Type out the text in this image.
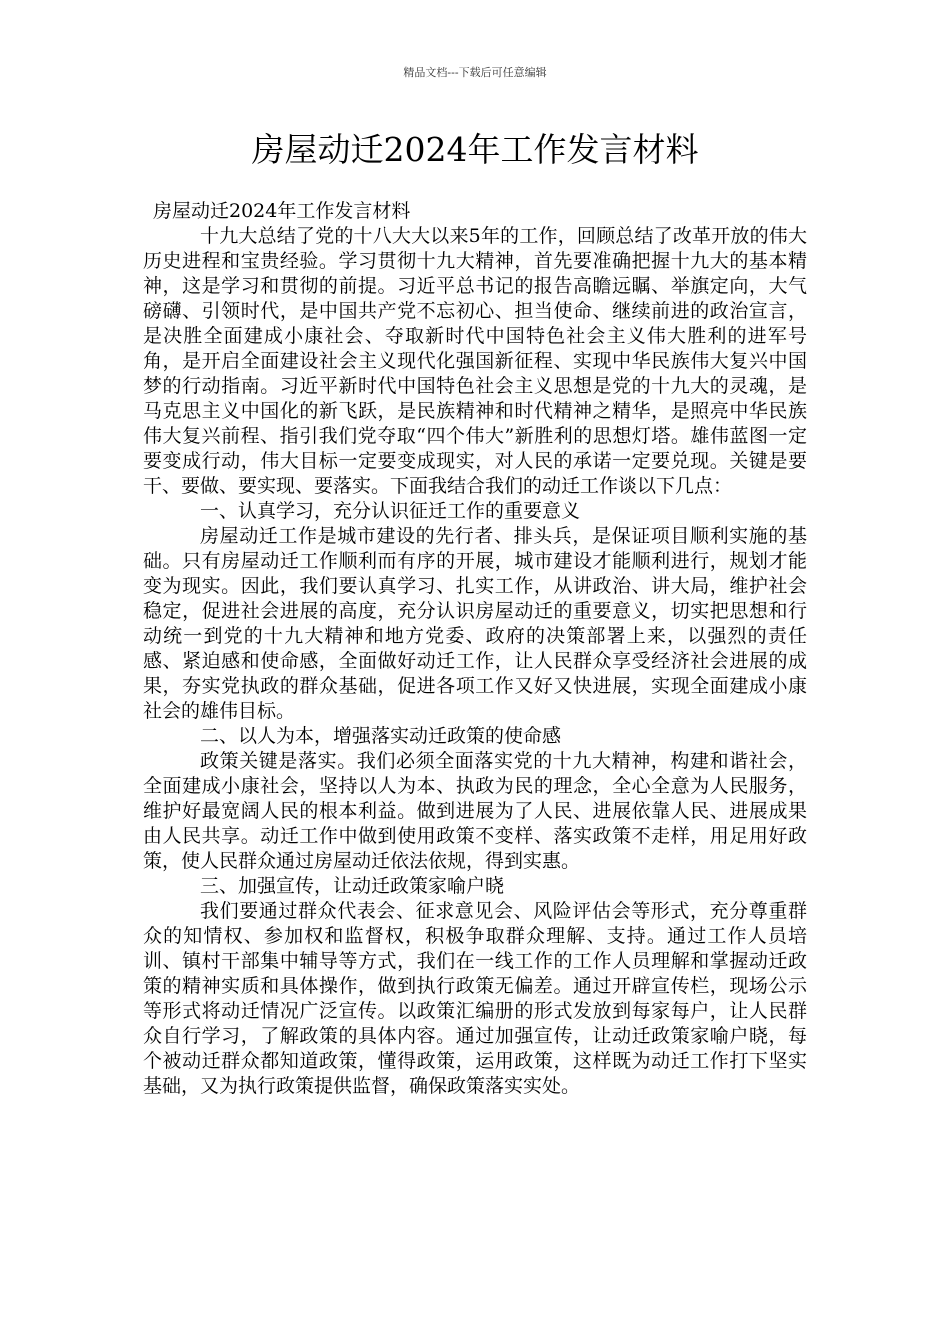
精品文档---下载后可任意编辑
房屋动迁2024年工作发言材料

房屋动迁2024年工作发言材料

十九大总结了党的十八大大以来5年的工作，回顾总结了改革开放的伟大历史进程和宝贵经验。学习贯彻十九大精神，首先要准确把握十九大的基本精神，这是学习和贯彻的前提。习近平总书记的报告高瞻远瞩、举旗定向，大气磅礴、引领时代，是中国共产党不忘初心、担当使命、继续前进的政治宣言，是决胜全面建成小康社会、夺取新时代中国特色社会主义伟大胜利的进军号角，是开启全面建设社会主义现代化强国新征程、实现中华民族伟大复兴中国梦的行动指南。习近平新时代中国特色社会主义思想是党的十九大的灵魂，是马克思主义中国化的新飞跃，是民族精神和时代精神之精华，是照亮中华民族伟大复兴前程、指引我们党夺取“四个伟大”新胜利的思想灯塔。雄伟蓝图一定要变成行动，伟大目标一定要变成现实，对人民的承诺一定要兑现。关键是要干、要做、要实现、要落实。下面我结合我们的动迁工作谈以下几点：

一、认真学习，充分认识征迁工作的重要意义

房屋动迁工作是城市建设的先行者、排头兵，是保证项目顺利实施的基础。只有房屋动迁工作顺利而有序的开展，城市建设才能顺利进行，规划才能变为现实。因此，我们要认真学习、扎实工作，从讲政治、讲大局，维护社会稳定，促进社会进展的高度，充分认识房屋动迁的重要意义，切实把思想和行动统一到党的十九大精神和地方党委、政府的决策部署上来，以强烈的责任感、紧迫感和使命感，全面做好动迁工作，让人民群众享受经济社会进展的成果，夯实党执政的群众基础，促进各项工作又好又快进展，实现全面建成小康社会的雄伟目标。

二、以人为本，增强落实动迁政策的使命感

政策关键是落实。我们必须全面落实党的十九大精神，构建和谐社会，全面建成小康社会，坚持以人为本、执政为民的理念，全心全意为人民服务，维护好最宽阔人民的根本利益。做到进展为了人民、进展依靠人民、进展成果由人民共享。动迁工作中做到使用政策不变样、落实政策不走样，用足用好政策，使人民群众通过房屋动迁依法依规，得到实惠。

三、加强宣传，让动迁政策家喻户晓

我们要通过群众代表会、征求意见会、风险评估会等形式，充分尊重群众的知情权、参加权和监督权，积极争取群众理解、支持。通过工作人员培训、镇村干部集中辅导等方式，我们在一线工作的工作人员理解和掌握动迁政策的精神实质和具体操作，做到执行政策无偏差。通过开辟宣传栏，现场公示等形式将动迁情况广泛宣传。以政策汇编册的形式发放到每家每户，让人民群众自行学习，了解政策的具体内容。通过加强宣传，让动迁政策家喻户晓，每个被动迁群众都知道政策，懂得政策，运用政策，这样既为动迁工作打下坚实基础，又为执行政策提供监督，确保政策落实实处。
